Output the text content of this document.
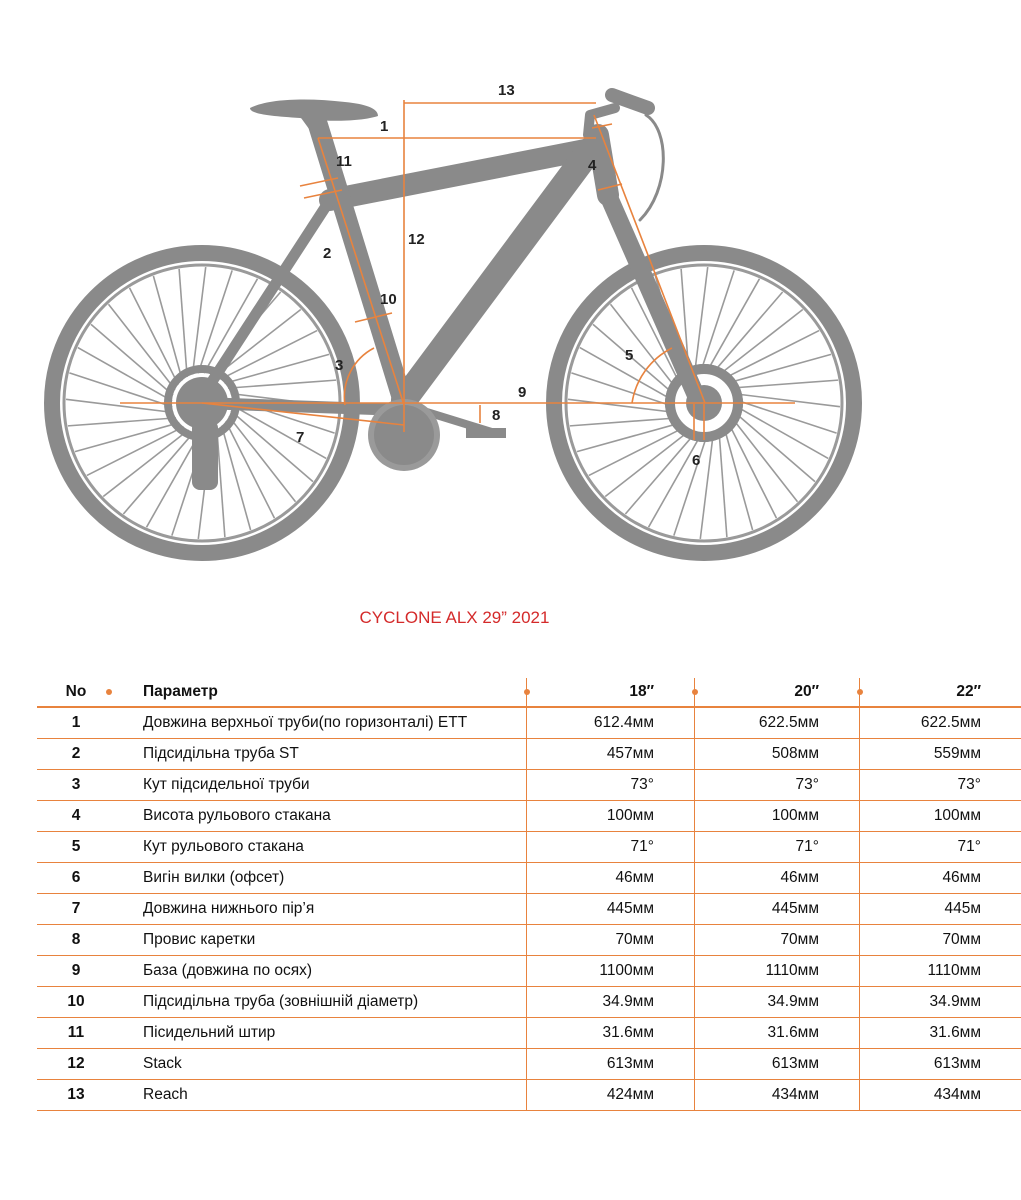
1
2
3
4
5
6
7
8
9
10
11
12
13
CYCLONE ALX 29” 2021
No	Параметр	18″	20″	22″
1	Довжина верхньої труби(по горизонталі) ETT	612.4мм	622.5мм	622.5мм
2	Підсидільна труба ST	457мм	508мм	559мм
3	Кут підсидельної труби	73°	73°	73°
4	Висота рульового стакана	100мм	100мм	100мм
5	Кут рульового стакана	71°	71°	71°
6	Вигін вилки (офсет)	46мм	46мм	46мм
7	Довжина нижнього пір’я	445мм	445мм	445м
8	Провис каретки	70мм	70мм	70мм
9	База (довжина по осях)	1100мм	1110мм	1110мм
10	Підсидільна труба (зовнішній діаметр)	34.9мм	34.9мм	34.9мм
11	Пісидельний штир	31.6мм	31.6мм	31.6мм
12	Stack	613мм	613мм	613мм
13	Reach	424мм	434мм	434мм
